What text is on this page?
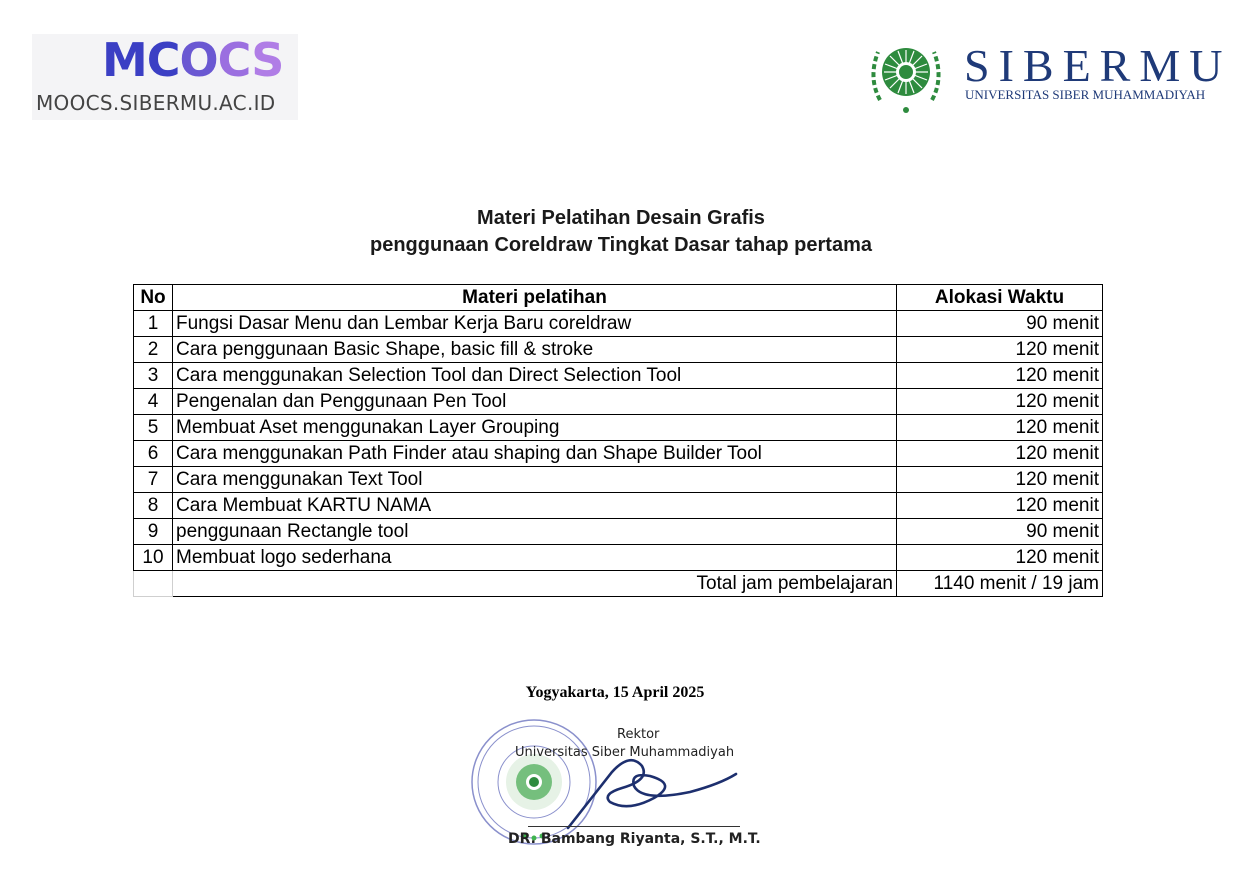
MCOCS
MOOCS.SIBERMU.AC.ID
SIBERMU
UNIVERSITAS SIBER MUHAMMADIYAH
Materi Pelatihan Desain Grafis
penggunaan Coreldraw Tingkat Dasar tahap pertama
No	Materi pelatihan	Alokasi Waktu
1	Fungsi Dasar Menu dan Lembar Kerja Baru coreldraw	90 menit
2	Cara penggunaan Basic Shape, basic fill & stroke	120 menit
3	Cara menggunakan Selection Tool dan Direct Selection Tool	120 menit
4	Pengenalan dan Penggunaan Pen Tool	120 menit
5	Membuat Aset menggunakan Layer Grouping	120 menit
6	Cara menggunakan Path Finder atau shaping dan Shape Builder Tool	120 menit
7	Cara menggunakan Text Tool	120 menit
8	Cara Membuat KARTU NAMA	120 menit
9	penggunaan Rectangle tool	90 menit
10	Membuat logo sederhana	120 menit
	Total jam pembelajaran	1140 menit / 19 jam
Yogyakarta, 15 April 2025
Rektor
Universitas Siber Muhammadiyah
DR. Bambang Riyanta, S.T., M.T.
